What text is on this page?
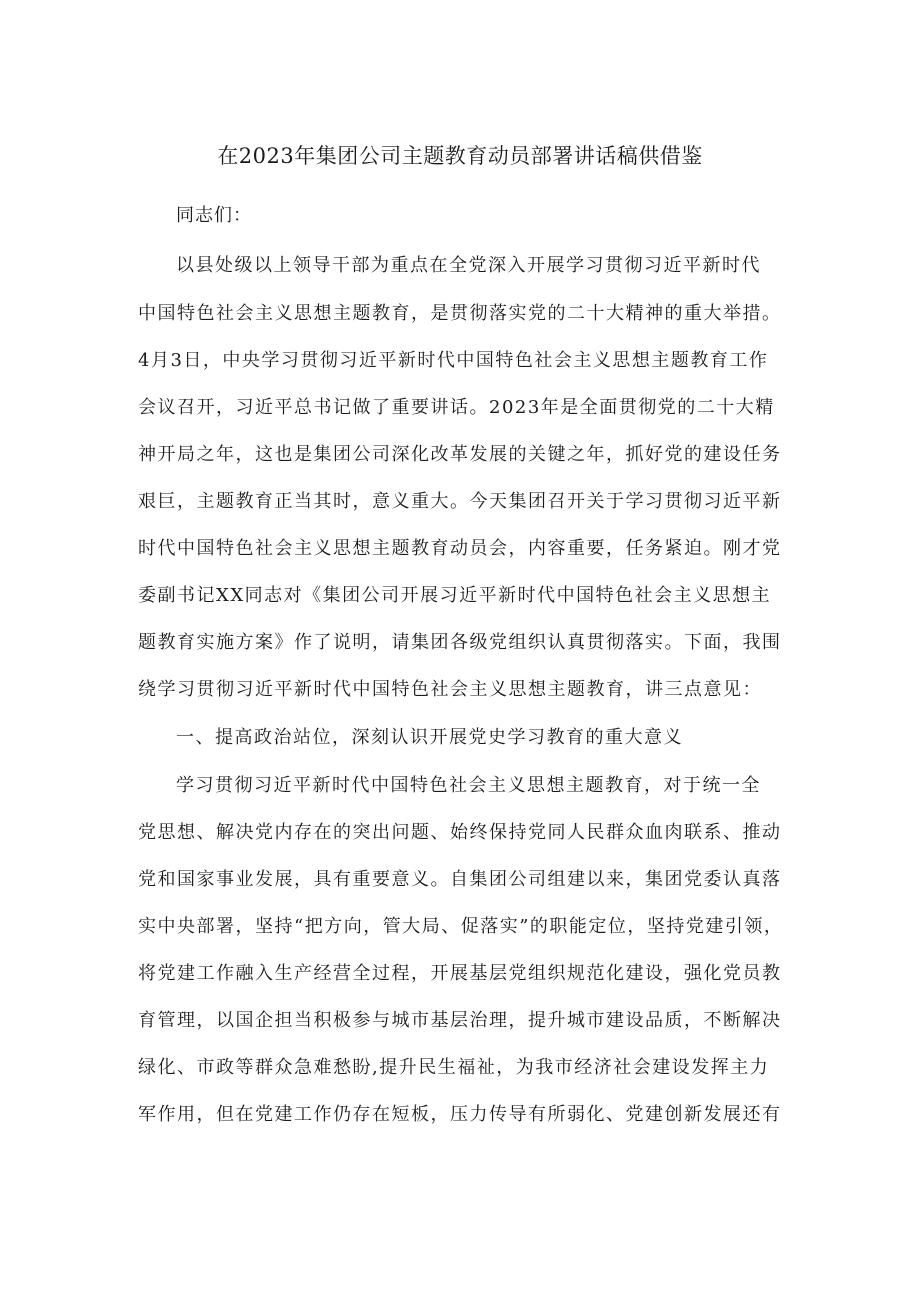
在2023年集团公司主题教育动员部署讲话稿供借鉴
同志们：
以县处级以上领导干部为重点在全党深入开展学习贯彻习近平新时代
中国特色社会主义思想主题教育，是贯彻落实党的二十大精神的重大举措。
4月3日，中央学习贯彻习近平新时代中国特色社会主义思想主题教育工作
会议召开，习近平总书记做了重要讲话。2023年是全面贯彻党的二十大精
神开局之年，这也是集团公司深化改革发展的关键之年，抓好党的建设任务
艰巨，主题教育正当其时，意义重大。今天集团召开关于学习贯彻习近平新
时代中国特色社会主义思想主题教育动员会，内容重要，任务紧迫。刚才党
委副书记XX同志对《集团公司开展习近平新时代中国特色社会主义思想主
题教育实施方案》作了说明，请集团各级党组织认真贯彻落实。下面，我围
绕学习贯彻习近平新时代中国特色社会主义思想主题教育，讲三点意见：
一、提高政治站位，深刻认识开展党史学习教育的重大意义
学习贯彻习近平新时代中国特色社会主义思想主题教育，对于统一全
党思想、解决党内存在的突出问题、始终保持党同人民群众血肉联系、推动
党和国家事业发展，具有重要意义。自集团公司组建以来，集团党委认真落
实中央部署，坚持“把方向，管大局、促落实”的职能定位，坚持党建引领，
将党建工作融入生产经营全过程，开展基层党组织规范化建设，强化党员教
育管理，以国企担当积极参与城市基层治理，提升城市建设品质，不断解决
绿化、市政等群众急难愁盼,提升民生福祉，为我市经济社会建设发挥主力
军作用，但在党建工作仍存在短板，压力传导有所弱化、党建创新发展还有
